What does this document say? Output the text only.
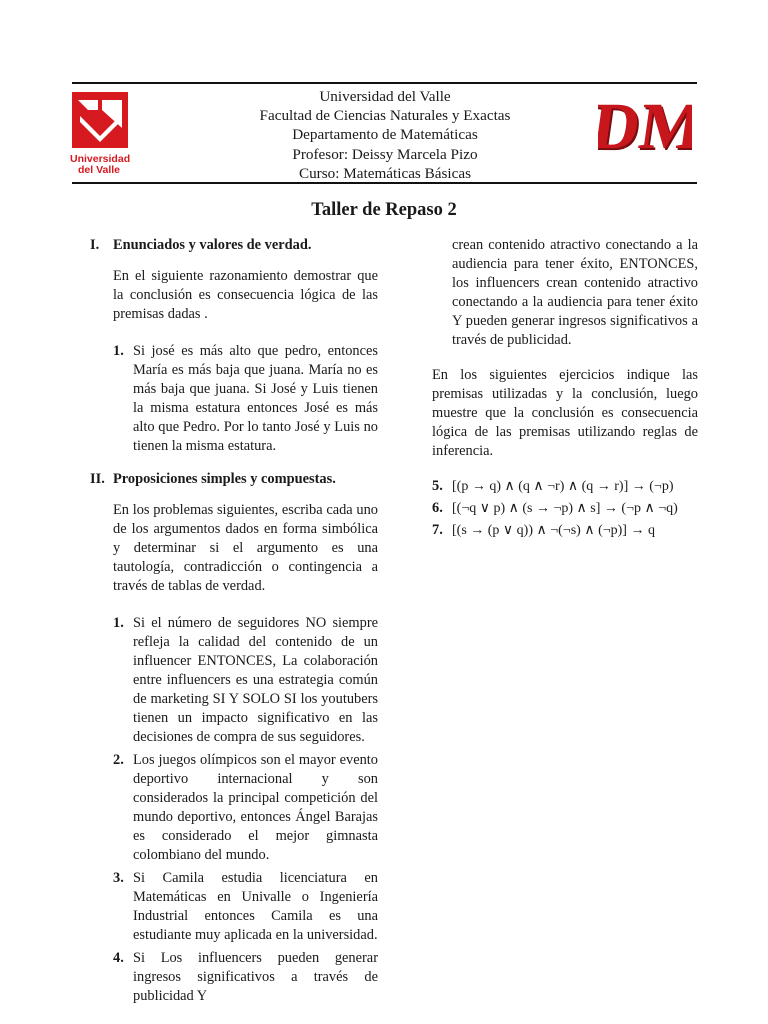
Universidad
del Valle
Universidad del Valle
Facultad de Ciencias Naturales y Exactas
Departamento de Matemáticas
Profesor: Deissy Marcela Pizo
Curso: Matemáticas Básicas
DM
DM
Taller de Repaso 2
I. Enunciados y valores de verdad.
En el siguiente razonamiento demostrar que la conclusión es consecuencia lógica de las premisas dadas .
1. Si josé es más alto que pedro, entonces María es más baja que juana. María no es más baja que juana. Si José y Luis tienen la misma estatura entonces José es más alto que Pedro. Por lo tanto José y Luis no tienen la misma estatura.
II. Proposiciones simples y compuestas.
En los problemas siguientes, escriba cada uno de los argumentos dados en forma simbólica y determinar si el argumento es una tautología, contradicción o contingencia a través de tablas de verdad.
1. Si el número de seguidores NO siempre refleja la calidad del contenido de un influencer ENTONCES, La colaboración entre influencers es una estrategia común de marketing SI Y SOLO SI los youtubers tienen un impacto significativo en las decisiones de compra de sus seguidores.
2. Los juegos olímpicos son el mayor evento deportivo internacional y son considerados la principal competición del mundo deportivo, entonces Ángel Barajas es considerado el mejor gimnasta colombiano del mundo.
3. Si Camila estudia licenciatura en Matemáticas en Univalle o Ingeniería Industrial entonces Camila es una estudiante muy aplicada en la universidad.
4. Si Los influencers pueden generar ingresos significativos a través de publicidad Y
crean contenido atractivo conectando a la audiencia para tener éxito, ENTONCES, los influencers crean contenido atractivo conectando a la audiencia para tener éxito Y pueden generar ingresos significativos a través de publicidad.
En los siguientes ejercicios indique las premisas utilizadas y la conclusión, luego muestre que la conclusión es consecuencia lógica de las premisas utilizando reglas de inferencia.
5. [(p → q) ∧ (q ∧ ¬r) ∧ (q → r)] → (¬p)
6. [(¬q ∨ p) ∧ (s → ¬p) ∧ s] → (¬p ∧ ¬q)
7. [(s → (p ∨ q)) ∧ ¬(¬s) ∧ (¬p)] → q
